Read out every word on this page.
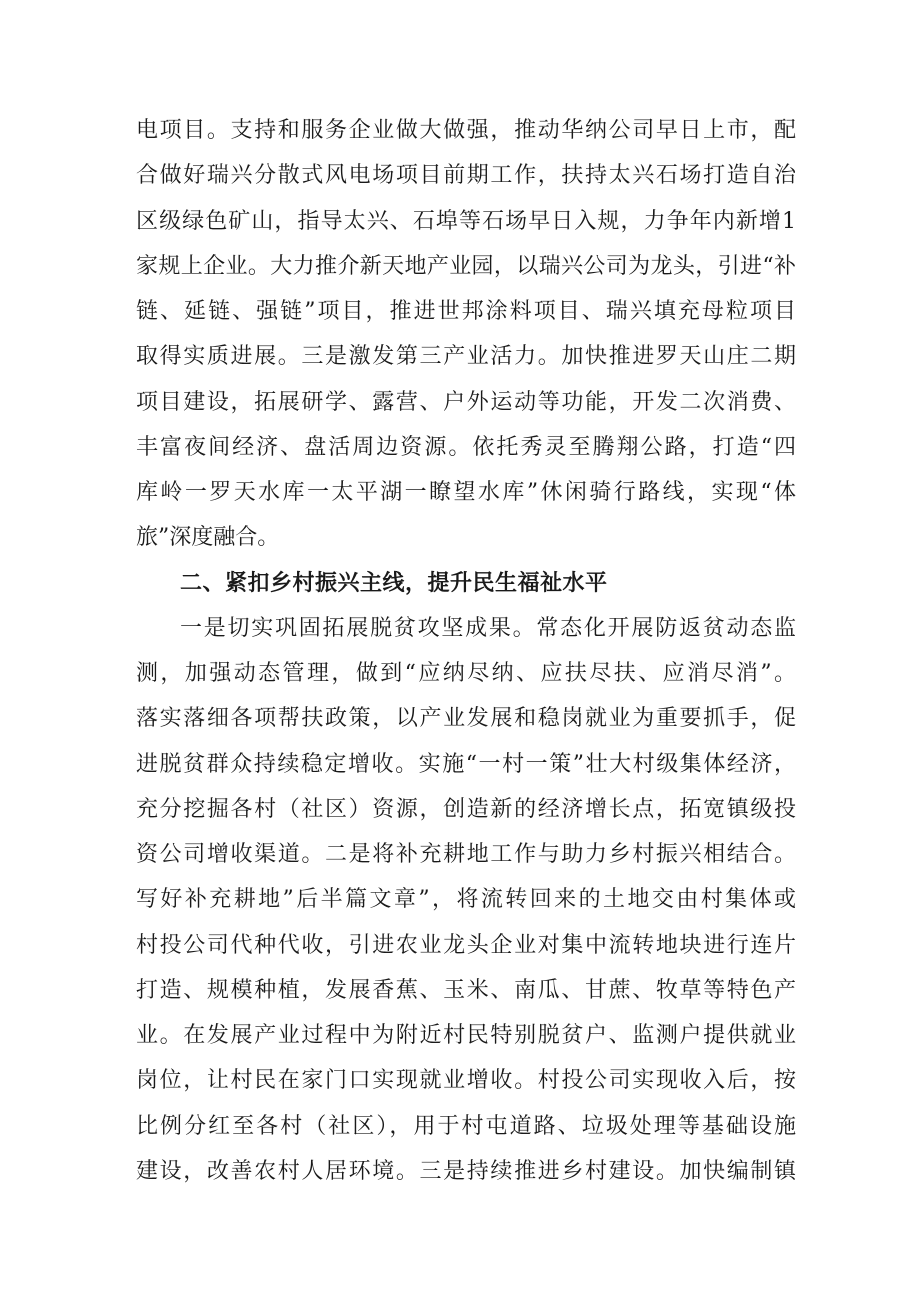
电项目。支持和服务企业做大做强，推动华纳公司早日上市，配
合做好瑞兴分散式风电场项目前期工作，扶持太兴石场打造自治
区级绿色矿山，指导太兴、石埠等石场早日入规，力争年内新增1
家规上企业。大力推介新天地产业园，以瑞兴公司为龙头，引进“补
链、延链、强链”项目，推进世邦涂料项目、瑞兴填充母粒项目
取得实质进展。三是激发第三产业活力。加快推进罗天山庄二期
项目建设，拓展研学、露营、户外运动等功能，开发二次消费、
丰富夜间经济、盘活周边资源。依托秀灵至腾翔公路，打造“四
库岭一罗天水库一太平湖一瞭望水库”休闲骑行路线，实现“体
旅”深度融合。
二、紧扣乡村振兴主线，提升民生福祉水平
一是切实巩固拓展脱贫攻坚成果。常态化开展防返贫动态监
测，加强动态管理，做到“应纳尽纳、应扶尽扶、应消尽消”。
落实落细各项帮扶政策，以产业发展和稳岗就业为重要抓手，促
进脱贫群众持续稳定增收。实施“一村一策”壮大村级集体经济，
充分挖掘各村（社区）资源，创造新的经济增长点，拓宽镇级投
资公司增收渠道。二是将补充耕地工作与助力乡村振兴相结合。
写好补充耕地”后半篇文章”，将流转回来的土地交由村集体或
村投公司代种代收，引进农业龙头企业对集中流转地块进行连片
打造、规模种植，发展香蕉、玉米、南瓜、甘蔗、牧草等特色产
业。在发展产业过程中为附近村民特别脱贫户、监测户提供就业
岗位，让村民在家门口实现就业增收。村投公司实现收入后，按
比例分红至各村（社区），用于村屯道路、垃圾处理等基础设施
建设，改善农村人居环境。三是持续推进乡村建设。加快编制镇
